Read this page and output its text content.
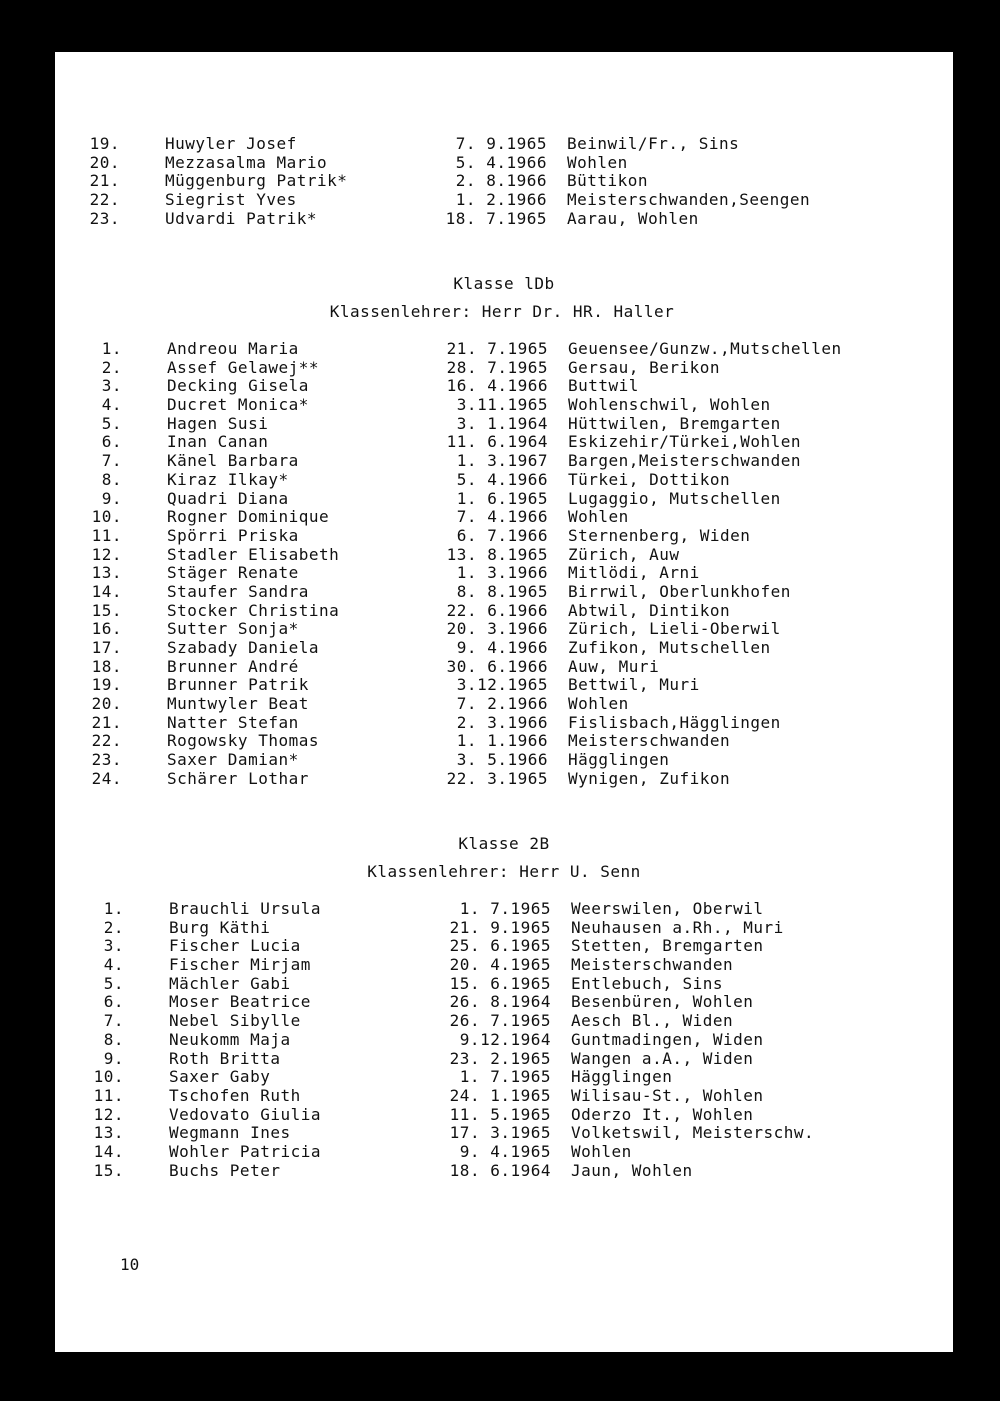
19.	Huwyler Josef	7. 9.1965 Beinwil/Fr., Sins
20.	Mezzasalma Mario	5. 4.1966 Wohlen
21.	Müggenburg Patrik*	2. 8.1966 Büttikon
22.	Siegrist Yves	1. 2.1966 Meisterschwanden,Seengen
23.	Udvardi Patrik*	18. 7.1965 Aarau, Wohlen
Klasse lDb
Klassenlehrer: Herr Dr. HR. Haller
1.	Andreou Maria	21. 7.1965 Geuensee/Gunzw.,Mutschellen
2.	Assef Gelawej**	28. 7.1965 Gersau, Berikon
3.	Decking Gisela	16. 4.1966 Buttwil
4.	Ducret Monica*	3.11.1965 Wohlenschwil, Wohlen
5.	Hagen Susi	3. 1.1964 Hüttwilen, Bremgarten
6.	Inan Canan	11. 6.1964 Eskizehir/Türkei,Wohlen
7.	Känel Barbara	1. 3.1967 Bargen,Meisterschwanden
8.	Kiraz Ilkay*	5. 4.1966 Türkei, Dottikon
9.	Quadri Diana	1. 6.1965 Lugaggio, Mutschellen
10.	Rogner Dominique	7. 4.1966 Wohlen
11.	Spörri Priska	6. 7.1966 Sternenberg, Widen
12.	Stadler Elisabeth	13. 8.1965 Zürich, Auw
13.	Stäger Renate	1. 3.1966 Mitlödi, Arni
14.	Staufer Sandra	8. 8.1965 Birrwil, Oberlunkhofen
15.	Stocker Christina	22. 6.1966 Abtwil, Dintikon
16.	Sutter Sonja*	20. 3.1966 Zürich, Lieli-Oberwil
17.	Szabady Daniela	9. 4.1966 Zufikon, Mutschellen
18.	Brunner André	30. 6.1966 Auw, Muri
19.	Brunner Patrik	3.12.1965 Bettwil, Muri
20.	Muntwyler Beat	7. 2.1966 Wohlen
21.	Natter Stefan	2. 3.1966 Fislisbach,Hägglingen
22.	Rogowsky Thomas	1. 1.1966 Meisterschwanden
23.	Saxer Damian*	3. 5.1966 Hägglingen
24.	Schärer Lothar	22. 3.1965 Wynigen, Zufikon
Klasse 2B
Klassenlehrer: Herr U. Senn
1.	Brauchli Ursula	1. 7.1965 Weerswilen, Oberwil
2.	Burg Käthi	21. 9.1965 Neuhausen a.Rh., Muri
3.	Fischer Lucia	25. 6.1965 Stetten, Bremgarten
4.	Fischer Mirjam	20. 4.1965 Meisterschwanden
5.	Mächler Gabi	15. 6.1965 Entlebuch, Sins
6.	Moser Beatrice	26. 8.1964 Besenbüren, Wohlen
7.	Nebel Sibylle	26. 7.1965 Aesch Bl., Widen
8.	Neukomm Maja	9.12.1964 Guntmadingen, Widen
9.	Roth Britta	23. 2.1965 Wangen a.A., Widen
10.	Saxer Gaby	1. 7.1965 Hägglingen
11.	Tschofen Ruth	24. 1.1965 Wilisau-St., Wohlen
12.	Vedovato Giulia	11. 5.1965 Oderzo It., Wohlen
13.	Wegmann Ines	17. 3.1965 Volketswil, Meisterschw.
14.	Wohler Patricia	9. 4.1965 Wohlen
15.	Buchs Peter	18. 6.1964 Jaun, Wohlen
10
